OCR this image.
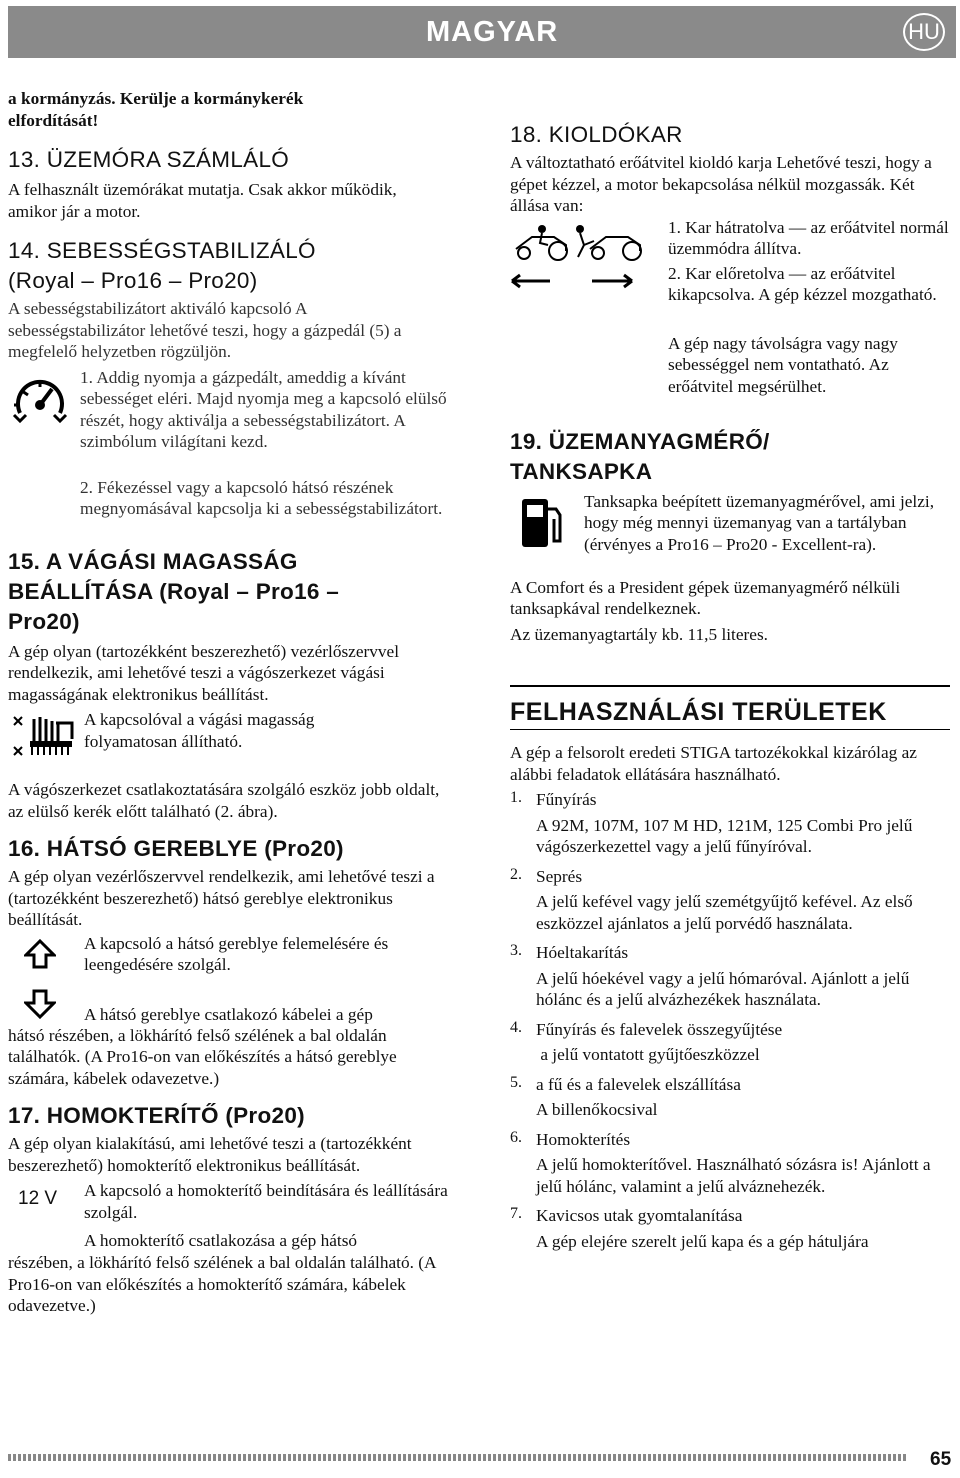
MAGYAR	HU

a kormányzás. Kerülje a kormánykerék elfordítását!

13. ÜZEMÓRA SZÁMLÁLÓ

A felhasznált üzemórákat mutatja. Csak akkor működik, amikor jár a motor.

14. SEBESSÉGSTABILIZÁLÓ
(Royal – Pro16 – Pro20)

A sebességstabilizátort aktiváló kapcsoló A sebességstabilizátor lehetővé teszi, hogy a gázpedál (5) a megfelelő helyzetben rögzüljön.

1. Addig nyomja a gázpedált, ameddig a kívánt sebességet eléri. Majd nyomja meg a kapcsoló elülső részét, hogy aktiválja a sebességstabilizátort. A szimbólum világítani kezd.

2. Fékezéssel vagy a kapcsoló hátsó részének megnyomásával kapcsolja ki a sebességstabilizátort.

15. A VÁGÁSI MAGASSÁG BEÁLLÍTÁSA (Royal – Pro16 – Pro20)

A gép olyan (tartozékként beszerezhető) vezérlőszervvel rendelkezik, ami lehetővé teszi a vágószerkezet vágási magasságának elektronikus beállítást.

A kapcsolóval a vágási magasság folyamatosan állítható.

A vágószerkezet csatlakoztatására szolgáló eszköz jobb oldalt, az elülső kerék előtt található (2. ábra).

16. HÁTSÓ GEREBLYE (Pro20)

A gép olyan vezérlőszervvel rendelkezik, ami lehetővé teszi a (tartozékként beszerezhető) hátsó gereblye elektronikus beállítását.

A kapcsoló a hátsó gereblye felemelésére és leengedésére szolgál.

A hátsó gereblye csatlakozó kábelei a gép

hátsó részében, a lökhárító felső szélének a bal oldalán találhatók. (A Pro16-on van előkészítés a hátsó gereblye számára, kábelek odavezetve.)

17. HOMOKTERÍTŐ (Pro20)

A gép olyan kialakítású, ami lehetővé teszi a (tartozékként beszerezhető) homokterítő elektronikus beállítását.

12 V A kapcsoló a homokterítő beindítására és leállítására szolgál.

A homokterítő csatlakozása a gép hátsó

részében, a lökhárító felső szélének a bal oldalán található. (A Pro16-on van előkészítés a homokterítő számára, kábelek odavezetve.)

18. KIOLDÓKAR

A változtatható erőátvitel kioldó karja Lehetővé teszi, hogy a gépet kézzel, a motor bekapcsolása nélkül mozgassák. Két állása van:

1. Kar hátratolva — az erőátvitel normál üzemmódra állítva.

2. Kar előretolva — az erőátvitel kikapcsolva. A gép kézzel mozgatható.

A gép nagy távolságra vagy nagy sebességgel nem vontatható. Az erőátvitel megsérülhet.

19. ÜZEMANYAGMÉRŐ/
TANKSAPKA

Tanksapka beépített üzemanyagmérővel, ami jelzi, hogy még mennyi üzemanyag van a tartályban (érvényes a Pro16 – Pro20 - Excellent-ra).

A Comfort és a President gépek üzemanyagmérő nélküli tanksapkával rendelkeznek.

Az üzemanyagtartály kb. 11,5 literes.

FELHASZNÁLÁSI TERÜLETEK

A gép a felsorolt eredeti STIGA tartozékokkal kizárólag az alábbi feladatok ellátására használható.

1. Fűnyírás

A 92M, 107M, 107 M HD, 121M, 125 Combi Pro jelű vágószerkezettel vagy a jelű fűnyíróval.

2. Seprés

A jelű kefével vagy jelű szemétgyűjtő kefével. Az első eszközzel ajánlatos a jelű porvédő használata.

3. Hóeltakarítás

A jelű hóekével vagy a jelű hómaróval. Ajánlott a jelű hólánc és a jelű alvázhezékek használata.

4. Fűnyírás és falevelek összegyűjtése

a jelű vontatott gyűjtőeszközzel

5. a fű és a falevelek elszállítása

A billenőkocsival

6. Homokterítés

A jelű homokterítővel. Használható sózásra is! Ajánlott a jelű hólánc, valamint a jelű alváznehezék.

7. Kavicsos utak gyomtalanítása

A gép elejére szerelt jelű kapa és a gép hátuljára

65
